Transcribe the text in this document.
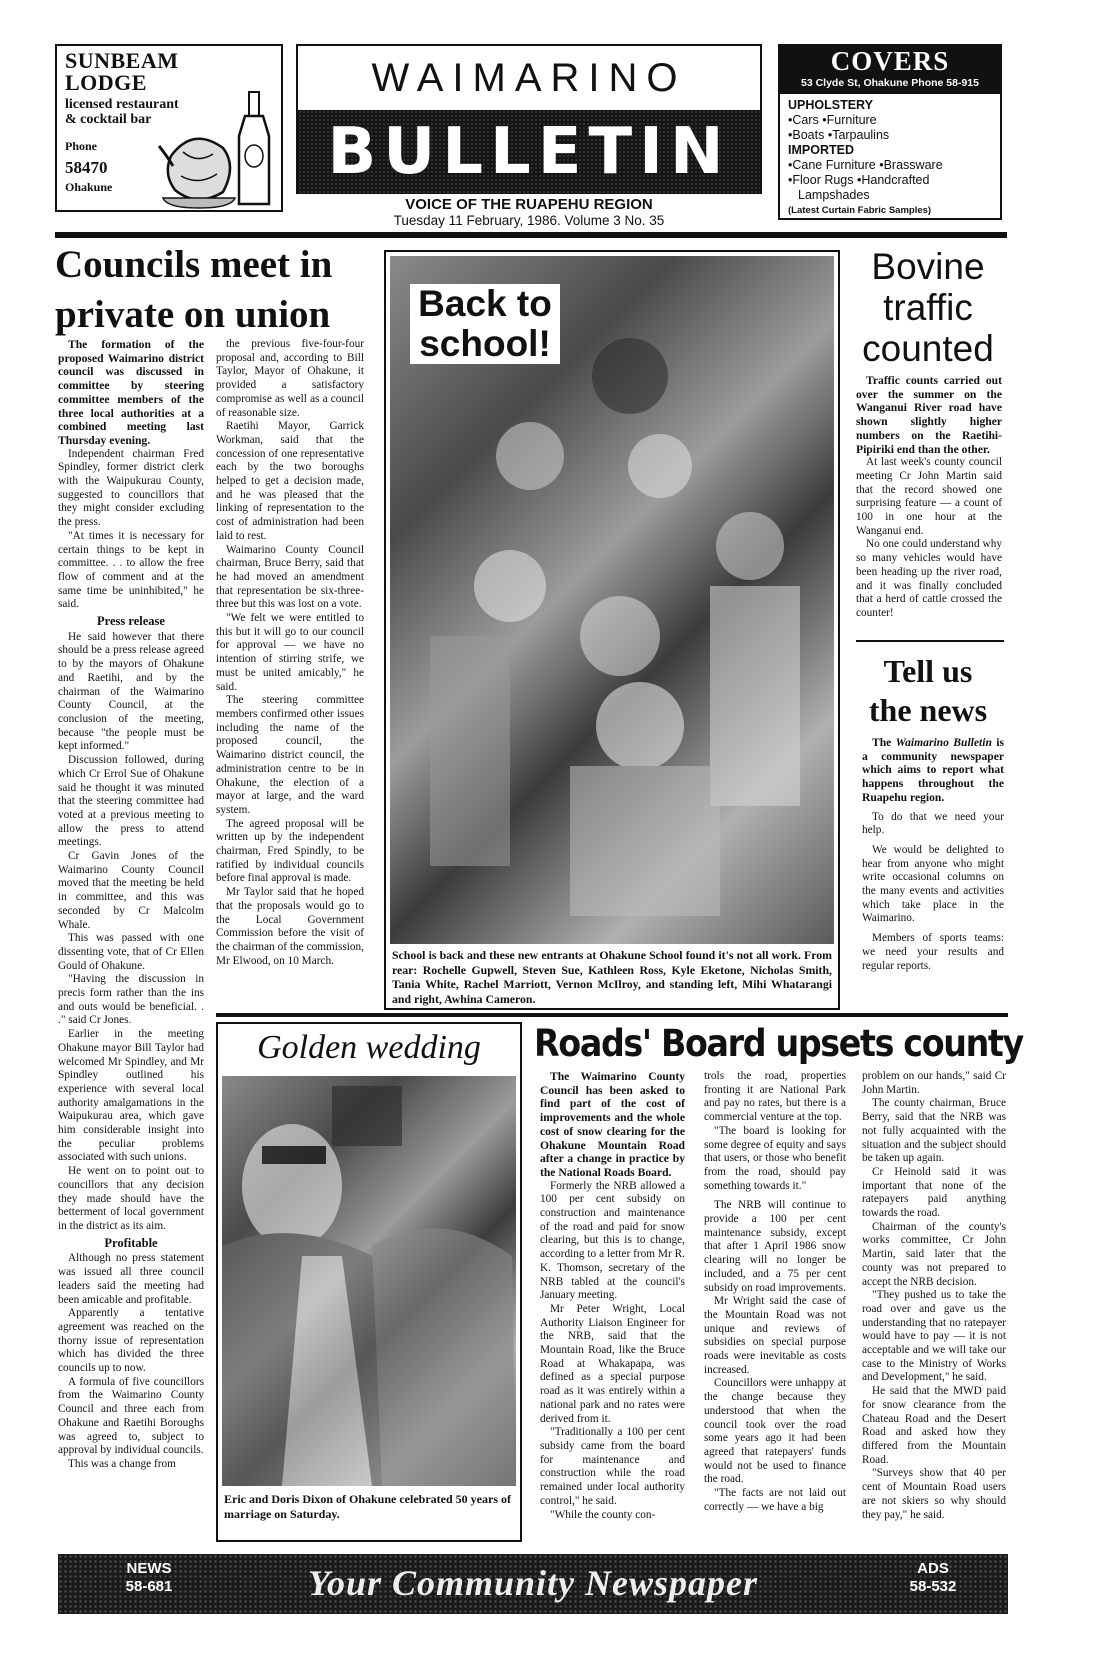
SUNBEAM
LODGE
licensed restaurant
& cocktail bar
Phone
58470
Ohakune
WAIMARINO
BULLETIN
VOICE OF THE RUAPEHU REGION
Tuesday 11 February, 1986. Volume 3 No. 35
COVERS
53 Clyde St, Ohakune Phone 58-915
UPHOLSTERY
•Cars •Furniture
•Boats •Tarpaulins
IMPORTED
•Cane Furniture •Brassware
•Floor Rugs •Handcrafted
Lampshades
(Latest Curtain Fabric Samples)
Councils meet in
private on union

The formation of the proposed Waimarino district council was discussed in committee by steering committee members of the three local authorities at a combined meeting last Thursday evening.

Independent chairman Fred Spindley, former district clerk with the Waipukurau County, suggested to councillors that they might consider excluding the press.

"At times it is necessary for certain things to be kept in committee. . . to allow the free flow of comment and at the same time be uninhibited," he said.

Press release

He said however that there should be a press release agreed to by the mayors of Ohakune and Raetihi, and by the chairman of the Waimarino County Council, at the conclusion of the meeting, because "the people must be kept informed."

Discussion followed, during which Cr Errol Sue of Ohakune said he thought it was minuted that the steering committee had voted at a previous meeting to allow the press to attend meetings.

Cr Gavin Jones of the Waimarino County Council moved that the meeting be held in committee, and this was seconded by Cr Malcolm Whale.

This was passed with one dissenting vote, that of Cr Ellen Gould of Ohakune.

"Having the discussion in precis form rather than the ins and outs would be beneficial. . ." said Cr Jones.

Earlier in the meeting Ohakune mayor Bill Taylor had welcomed Mr Spindley, and Mr Spindley outlined his experience with several local authority amalgamations in the Waipukurau area, which gave him considerable insight into the peculiar problems associated with such unions.

He went on to point out to councillors that any decision they made should have the betterment of local government in the district as its aim.

Profitable

Although no press statement was issued all three council leaders said the meeting had been amicable and profitable.

Apparently a tentative agreement was reached on the thorny issue of representation which has divided the three councils up to now.

A formula of five councillors from the Waimarino County Council and three each from Ohakune and Raetihi Boroughs was agreed to, subject to approval by individual councils.

This was a change from

the previous five-four-four proposal and, according to Bill Taylor, Mayor of Ohakune, it provided a satisfactory compromise as well as a council of reasonable size.

Raetihi Mayor, Garrick Workman, said that the concession of one representative each by the two boroughs helped to get a decision made, and he was pleased that the linking of representation to the cost of administration had been laid to rest.

Waimarino County Council chairman, Bruce Berry, said that he had moved an amendment that representation be six-three-three but this was lost on a vote.

"We felt we were entitled to this but it will go to our council for approval — we have no intention of stirring strife, we must be united amicably," he said.

The steering committee members confirmed other issues including the name of the proposed council, the Waimarino district council, the administration centre to be in Ohakune, the election of a mayor at large, and the ward system.

The agreed proposal will be written up by the independent chairman, Fred Spindly, to be ratified by individual councils before final approval is made.

Mr Taylor said that he hoped that the proposals would go to the Local Government Commission before the visit of the chairman of the commission, Mr Elwood, on 10 March.

Back to
school!
School is back and these new entrants at Ohakune School found it's not all work. From rear: Rochelle Gupwell, Steven Sue, Kathleen Ross, Kyle Eketone, Nicholas Smith, Tania White, Rachel Marriott, Vernon McIlroy, and standing left, Mihi Whatarangi and right, Awhina Cameron.
Bovine
traffic
counted

Traffic counts carried out over the summer on the Wanganui River road have shown slightly higher numbers on the Raetihi-Pipiriki end than the other.

At last week's county council meeting Cr John Martin said that the record showed one surprising feature — a count of 100 in one hour at the Wanganui end.

No one could understand why so many vehicles would have been heading up the river road, and it was finally concluded that a herd of cattle crossed the counter!

Tell us
the news

The Waimarino Bulletin is a community newspaper which aims to report what happens throughout the Ruapehu region.

To do that we need your help.

We would be delighted to hear from anyone who might write occasional columns on the many events and activities which take place in the Waimarino.

Members of sports teams: we need your results and regular reports.

Golden wedding
Eric and Doris Dixon of Ohakune celebrated 50 years of marriage on Saturday.
Roads' Board upsets county

The Waimarino County Council has been asked to find part of the cost of improvements and the whole cost of snow clearing for the Ohakune Mountain Road after a change in practice by the National Roads Board.

Formerly the NRB allowed a 100 per cent subsidy on construction and maintenance of the road and paid for snow clearing, but this is to change, according to a letter from Mr R. K. Thomson, secretary of the NRB tabled at the council's January meeting.

Mr Peter Wright, Local Authority Liaison Engineer for the NRB, said that the Mountain Road, like the Bruce Road at Whakapapa, was defined as a special purpose road as it was entirely within a national park and no rates were derived from it.

"Traditionally a 100 per cent subsidy came from the board for maintenance and construction while the road remained under local authority control," he said.

"While the county con-

trols the road, properties fronting it are National Park and pay no rates, but there is a commercial venture at the top.

"The board is looking for some degree of equity and says that users, or those who benefit from the road, should pay something towards it."

The NRB will continue to provide a 100 per cent maintenance subsidy, except that after 1 April 1986 snow clearing will no longer be included, and a 75 per cent subsidy on road improvements.

Mr Wright said the case of the Mountain Road was not unique and reviews of subsidies on special purpose roads were inevitable as costs increased.

Councillors were unhappy at the change because they understood that when the council took over the road some years ago it had been agreed that ratepayers' funds would not be used to finance the road.

"The facts are not laid out correctly — we have a big

problem on our hands," said Cr John Martin.

The county chairman, Bruce Berry, said that the NRB was not fully acquainted with the situation and the subject should be taken up again.

Cr Heinold said it was important that none of the ratepayers paid anything towards the road.

Chairman of the county's works committee, Cr John Martin, said later that the county was not prepared to accept the NRB decision.

"They pushed us to take the road over and gave us the understanding that no ratepayer would have to pay — it is not acceptable and we will take our case to the Ministry of Works and Development," he said.

He said that the MWD paid for snow clearance from the Chateau Road and the Desert Road and asked how they differed from the Mountain Road.

"Surveys show that 40 per cent of Mountain Road users are not skiers so why should they pay," he said.

NEWS
58-681	Your Community Newspaper	ADS
58-532
